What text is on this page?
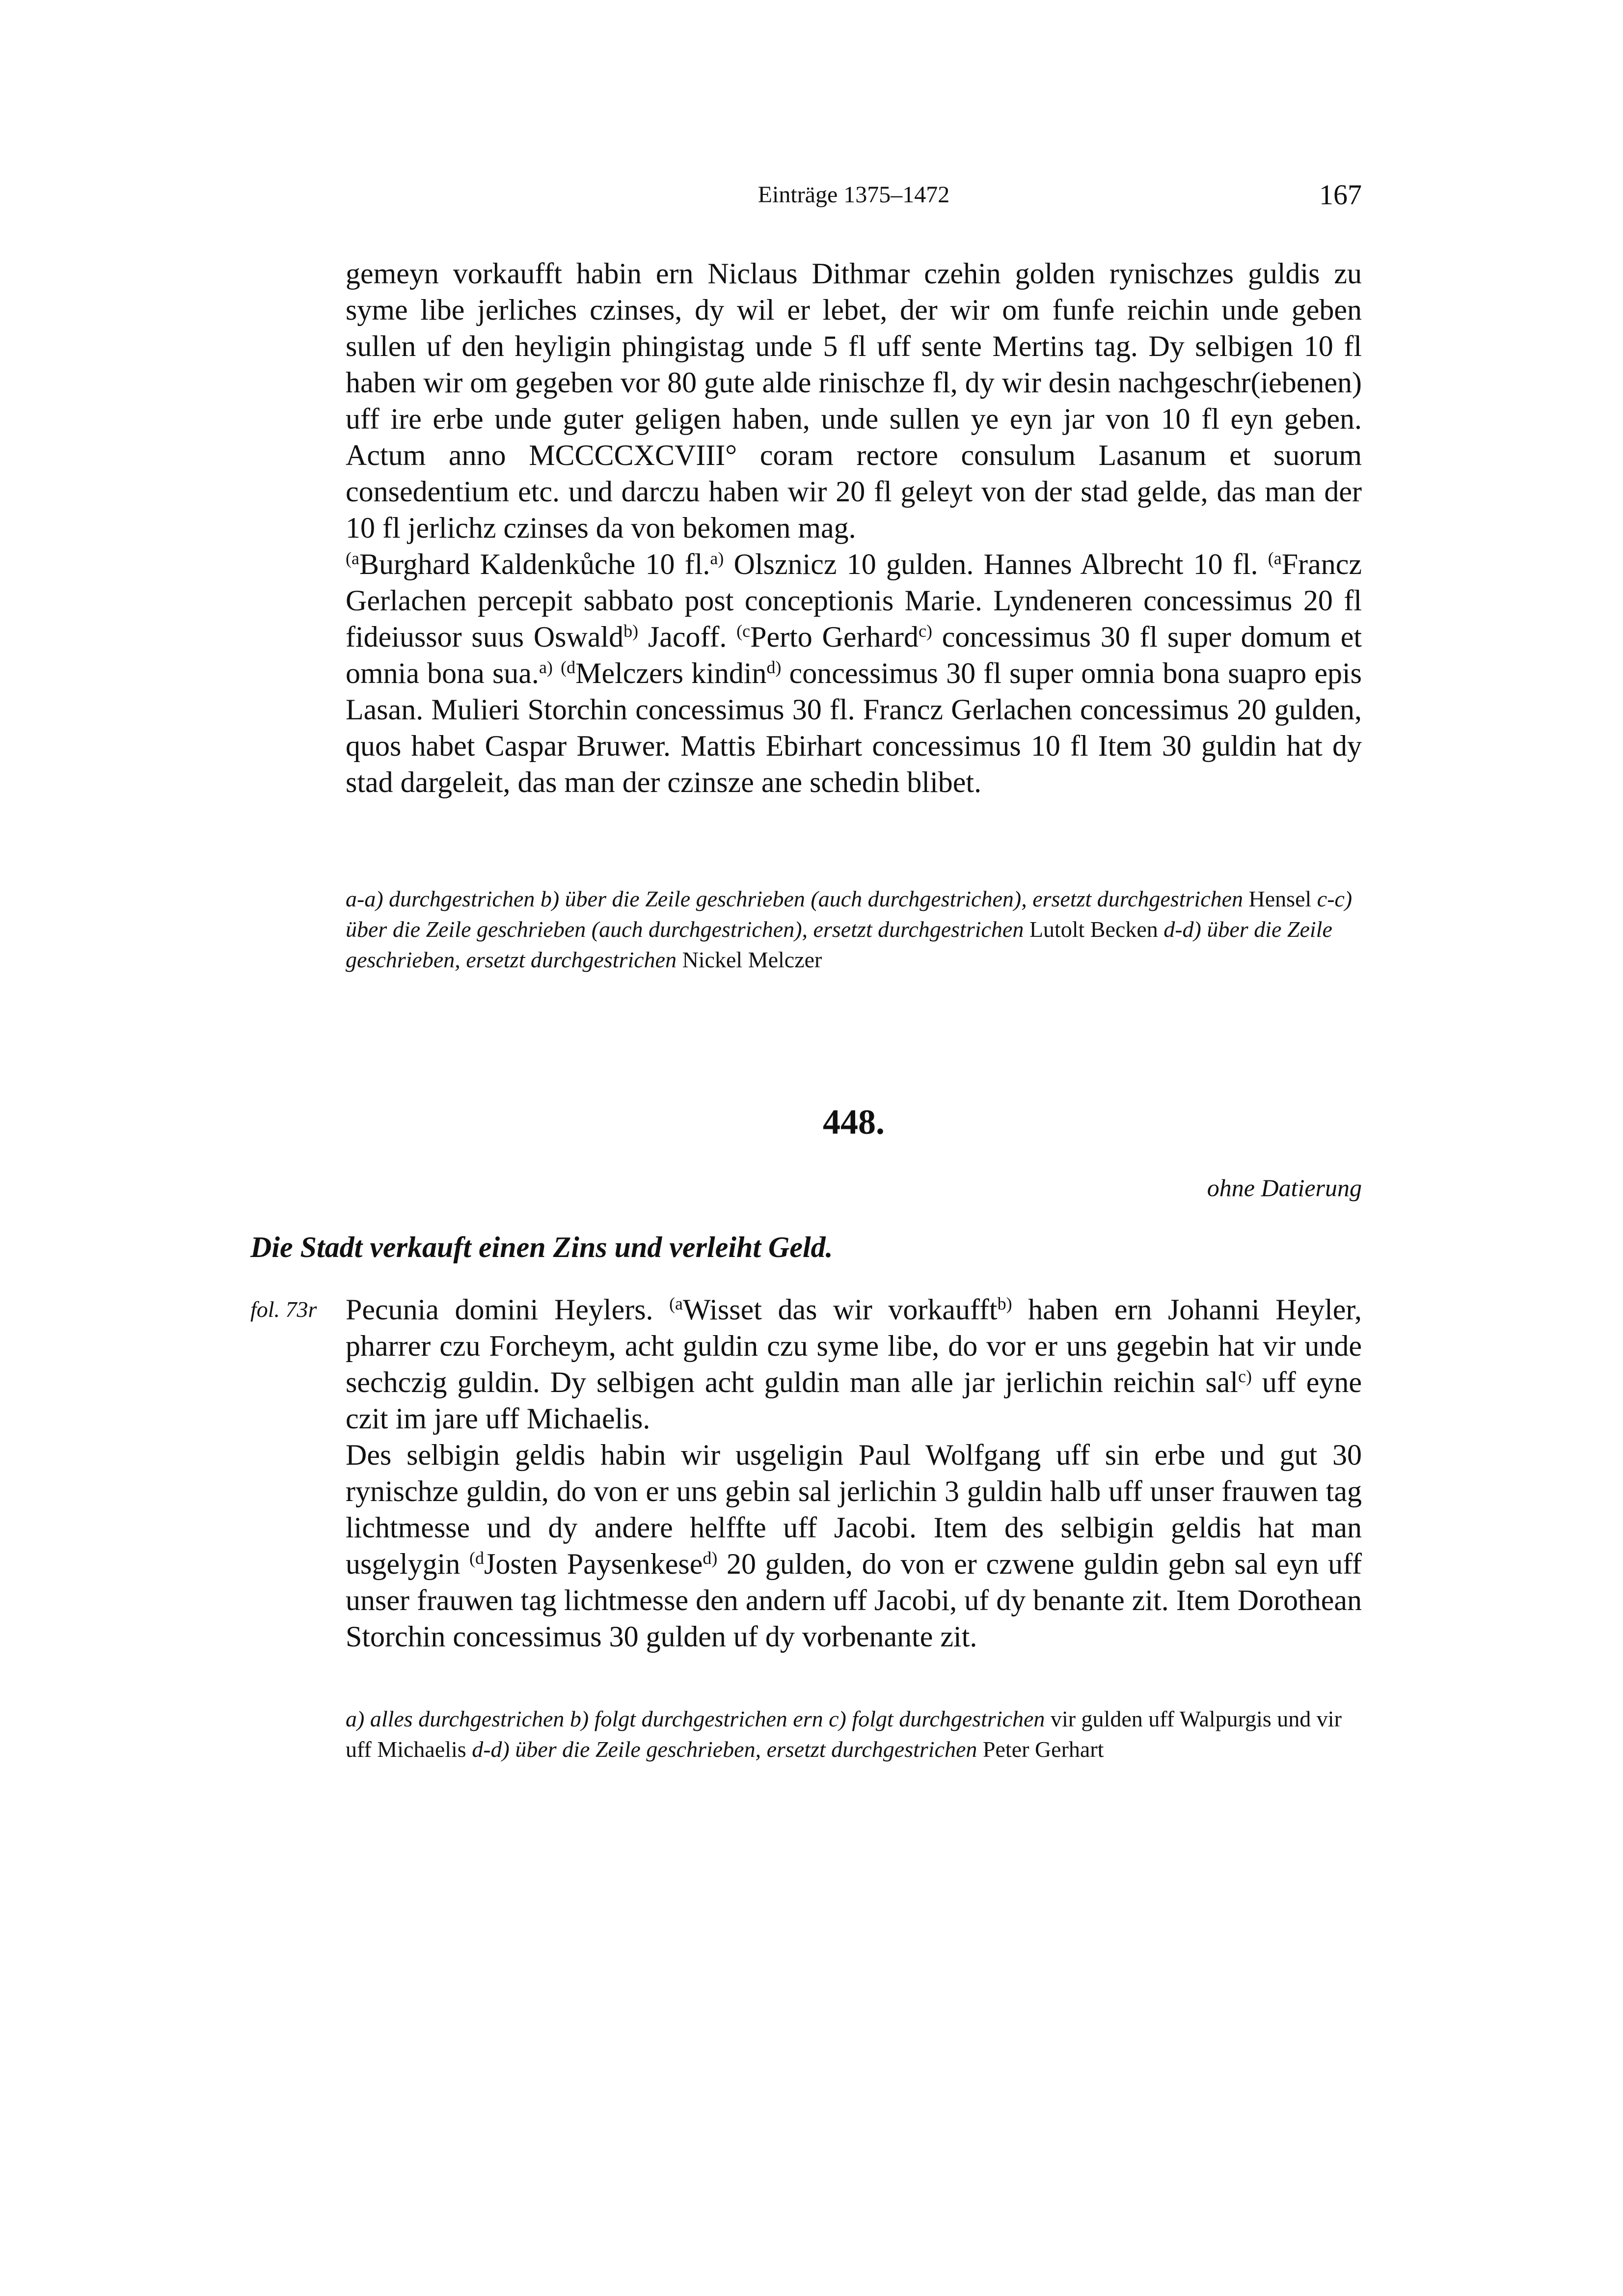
Einträge 1375–1472	167

gemeyn vorkaufft habin ern Niclaus Dithmar czehin golden rynischzes guldis zu syme libe jerliches czinses, dy wil er lebet, der wir om funfe reichin unde geben sullen uf den heyligin phingistag unde 5 fl uff sente Mertins tag. Dy selbigen 10 fl haben wir om gegeben vor 80 gute alde rinischze fl, dy wir desin nachgeschr(iebenen) uff ire erbe unde guter geligen haben, unde sullen ye eyn jar von 10 fl eyn geben. Actum anno MCCCCXCVIII° coram rectore consulum Lasanum et suorum consedentium etc. und darczu haben wir 20 fl geleyt von der stad gelde, das man der 10 fl jerlichz czinses da von bekomen mag.

$^{(a}$Burghard Kaldenkůche 10 fl.$^{a)}$ Olsznicz 10 gulden. Hannes Albrecht 10 fl. $^{(a}$Francz Gerlachen percepit sabbato post conceptionis Marie. Lyndeneren concessimus 20 fl fideiussor suus Oswald$^{b)}$ Jacoff. $^{(c}$Perto Gerhard$^{c)}$ concessimus 30 fl super domum et omnia bona sua.$^{a)}$ $^{(d}$Melczers kindin$^{d)}$ concessimus 30 fl super omnia bona suapro epis Lasan. Mulieri Storchin concessimus 30 fl. Francz Gerlachen concessimus 20 gulden, quos habet Caspar Bruwer. Mattis Ebirhart concessimus 10 fl Item 30 guldin hat dy stad dargeleit, das man der czinsze ane schedin blibet.

a-a) durchgestrichen b) über die Zeile geschrieben (auch durchgestrichen), ersetzt durchgestrichen Hensel c-c) über die Zeile geschrieben (auch durchgestrichen), ersetzt durchgestrichen Lutolt Becken d-d) über die Zeile geschrieben, ersetzt durchgestrichen Nickel Melczer
448.
ohne Datierung
Die Stadt verkauft einen Zins und verleiht Geld.
fol. 73r Pecunia domini Heylers. $^{(a}$Wisset das wir vorkaufft$^{b)}$ haben ern Johanni Heyler, pharrer czu Forcheym, acht guldin czu syme libe, do vor er uns gegebin hat vir unde sechczig guldin. Dy selbigen acht guldin man alle jar jerlichin reichin sal$^{c)}$ uff eyne czit im jare uff Michaelis.

Des selbigin geldis habin wir usgeligin Paul Wolfgang uff sin erbe und gut 30 rynischze guldin, do von er uns gebin sal jerlichin 3 guldin halb uff unser frauwen tag lichtmesse und dy andere helffte uff Jacobi. Item des selbigin geldis hat man usgelygin $^{(d}$Josten Paysenkese$^{d)}$ 20 gulden, do von er czwene guldin gebn sal eyn uff unser frauwen tag lichtmesse den andern uff Jacobi, uf dy benante zit. Item Dorothean Storchin concessimus 30 gulden uf dy vorbenante zit.

a) alles durchgestrichen b) folgt durchgestrichen ern c) folgt durchgestrichen vir gulden uff Walpurgis und vir uff Michaelis d-d) über die Zeile geschrieben, ersetzt durchgestrichen Peter Gerhart
